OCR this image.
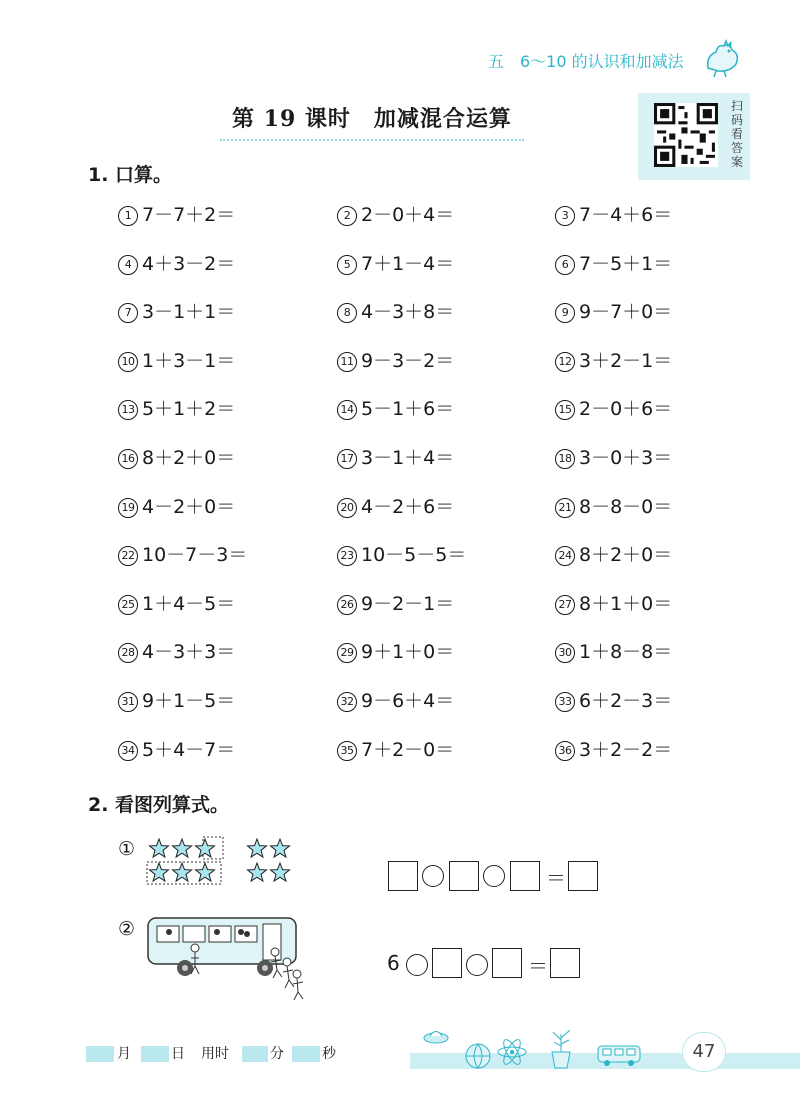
五　6～10 的认识和加减法
第 19 课时　加减混合运算	扫码看答案
1. 口算。
1 7－7＋2＝	2 2－0＋4＝	3 7－4＋6＝
4 4＋3－2＝	5 7＋1－4＝	6 7－5＋1＝
7 3－1＋1＝	8 4－3＋8＝	9 9－7＋0＝
10 1＋3－1＝	11 9－3－2＝	12 3＋2－1＝
13 5＋1＋2＝	14 5－1＋6＝	15 2－0＋6＝
16 8＋2＋0＝	17 3－1＋4＝	18 3－0＋3＝
19 4－2＋0＝	20 4－2＋6＝	21 8－8－0＝
22 10－7－3＝	23 10－5－5＝	24 8＋2＋0＝
25 1＋4－5＝	26 9－2－1＝	27 8＋1＋0＝
28 4－3＋3＝	29 9＋1＋0＝	30 1＋8－8＝
31 9＋1－5＝	32 9－6＋4＝	33 6＋2－3＝
34 5＋4－7＝	35 7＋2－0＝	36 3＋2－2＝
2. 看图列算式。
①
＝
②
6	＝
月	日 用时	分	秒	47
